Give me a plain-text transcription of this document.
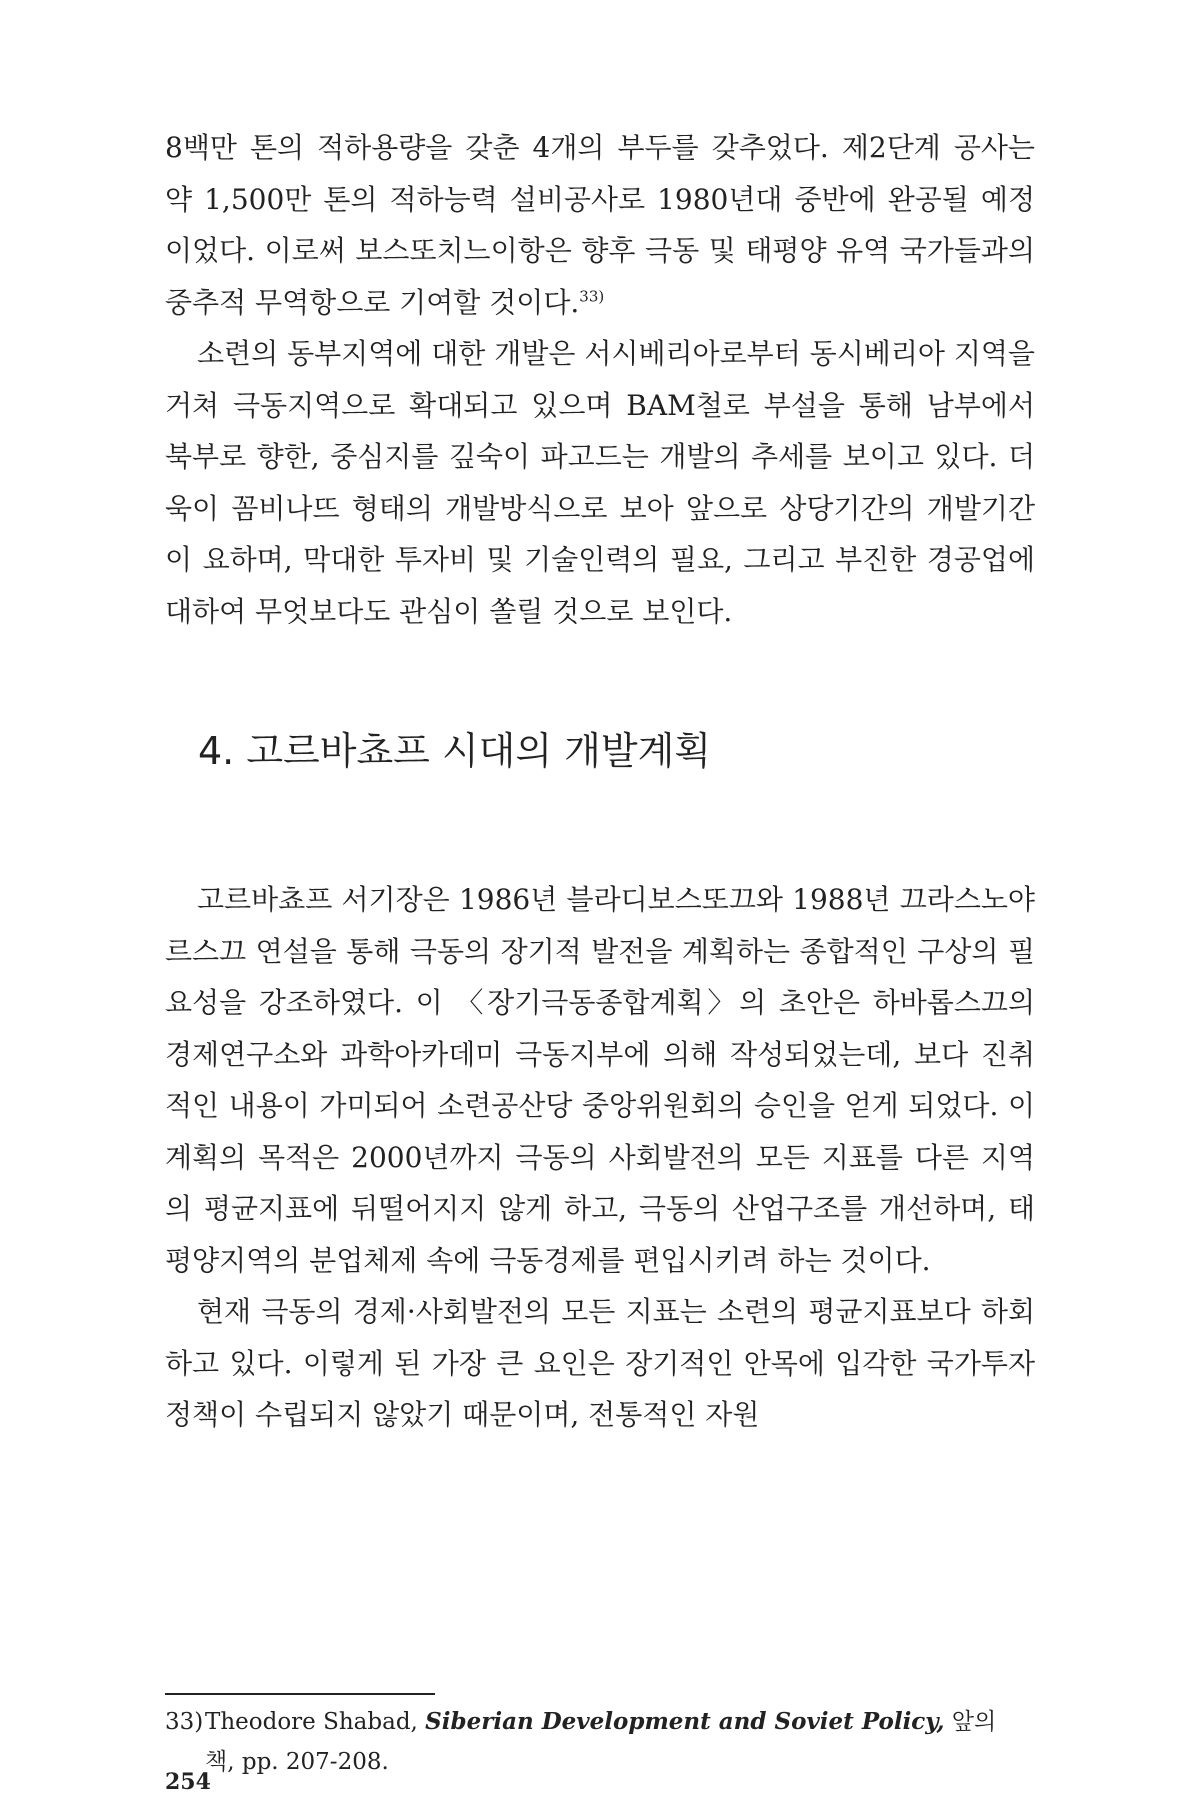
8백만 톤의 적하용량을 갖춘 4개의 부두를 갖추었다. 제2단계 공사는 약 1,500만 톤의 적하능력 설비공사로 1980년대 중반에 완공될 예정이었다. 이로써 보스또치느이항은 향후 극동 및 태평양 유역 국가들과의 중추적 무역항으로 기여할 것이다.$^{33)}$

소련의 동부지역에 대한 개발은 서시베리아로부터 동시베리아 지역을 거쳐 극동지역으로 확대되고 있으며 BAM철로 부설을 통해 남부에서 북부로 향한, 중심지를 깊숙이 파고드는 개발의 추세를 보이고 있다. 더욱이 꼼비나뜨 형태의 개발방식으로 보아 앞으로 상당기간의 개발기간이 요하며, 막대한 투자비 및 기술인력의 필요, 그리고 부진한 경공업에 대하여 무엇보다도 관심이 쏠릴 것으로 보인다.

4. 고르바쵸프 시대의 개발계획

고르바쵸프 서기장은 1986년 블라디보스또끄와 1988년 끄라스노야르스끄 연설을 통해 극동의 장기적 발전을 계획하는 종합적인 구상의 필요성을 강조하였다. 이 〈장기극동종합계획〉의 초안은 하바롭스끄의 경제연구소와 과학아카데미 극동지부에 의해 작성되었는데, 보다 진취적인 내용이 가미되어 소련공산당 중앙위원회의 승인을 얻게 되었다. 이 계획의 목적은 2000년까지 극동의 사회발전의 모든 지표를 다른 지역의 평균지표에 뒤떨어지지 않게 하고, 극동의 산업구조를 개선하며, 태평양지역의 분업체제 속에 극동경제를 편입시키려 하는 것이다.

현재 극동의 경제·사회발전의 모든 지표는 소련의 평균지표보다 하회하고 있다. 이렇게 된 가장 큰 요인은 장기적인 안목에 입각한 국가투자정책이 수립되지 않았기 때문이며, 전통적인 자원

33)Theodore Shabad, Siberian Development and Soviet Policy, 앞의
책, pp. 207-208.
254
